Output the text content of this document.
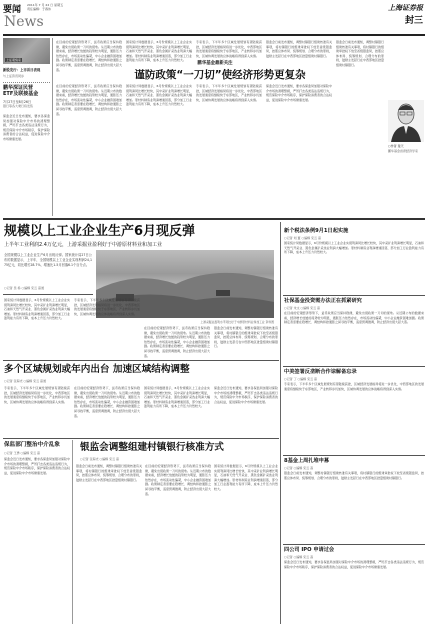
要闻 2011年 7 月 22 日 星期五
责任编辑：于春伟
News
上海证券报
封三
上证观察家
新股发行：上市首日表现
与上证资讯同步
鹏华深证民营
ETF及联接基金
7月27日至8月26日
银行等各大渠行将发售
保监会近日发布通知，要求各保监局加强对保险中介市场的清理整顿，严厉打击各类违法违规行为，规范保险中介市场秩序，保护保险消费者的合法权益，促进保险中介市场健康发展。
鹏华基金最新关注
谨防政策“一刀切”使经济形势更复杂
在目前的宏观经济形势下，货币政策应当保持稳健，避免出现政策一刀切的现象。从近期公布的数据来看，经济增长放缓的趋势较为明显，通胀压力依然存在，市场流动性偏紧，中小企业融资困难加剧。政策制定者需要在稳增长、调结构和控通胀之间寻找平衡，适度预调微调，防止经济出现大起大落。
国家统计局数据显示，6月份规模以上工业企业实现利润同比增长较快，其中采矿业利润增长明显，石油和天然气开采业、黑色金属矿采选业利润大幅增加。原材料制造业利润增速回落，部分加工行业盈利能力有所下降，成本上升压力仍然较大。
专家表示，下半年多个区域发展规划有望陆续获批，区域经济发展格局将进一步优化，中西部地区的发展速度将继续快于东部地区，产业转移步伐加快，区域协调发展的总体战略将得到深入实施。
银监会日前发布通知，调整村镇银行组建核准有关事项，将村镇银行的组建审批权下放至省级银监局，按照总体布局、统筹规划、合理分布的原则，鼓励主发起行在中西部地区批量组建村镇银行。
在目前的宏观经济形势下，货币政策应当保持稳健，避免出现政策一刀切的现象。从近期公布的数据来看，经济增长放缓的趋势较为明显，通胀压力依然存在，市场流动性偏紧，中小企业融资困难加剧。政策制定者需要在稳增长、调结构和控通胀之间寻找平衡，适度预调微调，防止经济出现大起大落。
国家统计局数据显示，6月份规模以上工业企业实现利润同比增长较快，其中采矿业利润增长明显，石油和天然气开采业、黑色金属矿采选业利润大幅增加。原材料制造业利润增速回落，部分加工行业盈利能力有所下降，成本上升压力仍然较大。
专家表示，下半年多个区域发展规划有望陆续获批，区域经济发展格局将进一步优化，中西部地区的发展速度将继续快于东部地区，产业转移步伐加快，区域协调发展的总体战略将得到深入实施。
保监会近日发布通知，要求各保监局加强对保险中介市场的清理整顿，严厉打击各类违法违规行为，规范保险中介市场秩序，保护保险消费者的合法权益，促进保险中介市场健康发展。
银监会日前发布通知，调整村镇银行组建核准有关事项，将村镇银行的组建审批权下放至省级银监局，按照总体布局、统筹规划、合理分布的原则，鼓励主发起行在中西部地区批量组建村镇银行。
○作者 楚天
鹏华基金首席经济学家
规模以上工业企业生产6月现反弹
上半年工业利润2.4万亿元，上游采掘业盈利好于中游原材料业和加工业
全国规模以上工业企业生产6月出现反弹。国家统计局27日公布的数据显示，上半年，全国规模以上工业企业实现利润24,175亿元，同比增长28.7%，增速比1-5月回落6.1个百分点。
○记者 吴 杨 ○编辑 宋云 高道
上游采掘业盈利水平同比好于中游原材料业和加工业 资料图
国家统计局数据显示，6月份规模以上工业企业实现利润同比增长较快，其中采矿业利润增长明显，石油和天然气开采业、黑色金属矿采选业利润大幅增加。原材料制造业利润增速回落，部分加工行业盈利能力有所下降，成本上升压力仍然较大。
专家表示，下半年多个区域发展规划有望陆续获批，区域经济发展格局将进一步优化，中西部地区的发展速度将继续快于东部地区，产业转移步伐加快，区域协调发展的总体战略将得到深入实施。
在目前的宏观经济形势下，货币政策应当保持稳健，避免出现政策一刀切的现象。从近期公布的数据来看，经济增长放缓的趋势较为明显，通胀压力依然存在，市场流动性偏紧，中小企业融资困难加剧。政策制定者需要在稳增长、调结构和控通胀之间寻找平衡，适度预调微调，防止经济出现大起大落。
银监会日前发布通知，调整村镇银行组建核准有关事项，将村镇银行的组建审批权下放至省级银监局，按照总体布局、统筹规划、合理分布的原则，鼓励主发起行在中西部地区批量组建村镇银行。
多个区域规划或年内出台 加速区域结构调整
○记者 张海光 ○编辑 宋云 高道
专家表示，下半年多个区域发展规划有望陆续获批，区域经济发展格局将进一步优化，中西部地区的发展速度将继续快于东部地区，产业转移步伐加快，区域协调发展的总体战略将得到深入实施。
在目前的宏观经济形势下，货币政策应当保持稳健，避免出现政策一刀切的现象。从近期公布的数据来看，经济增长放缓的趋势较为明显，通胀压力依然存在，市场流动性偏紧，中小企业融资困难加剧。政策制定者需要在稳增长、调结构和控通胀之间寻找平衡，适度预调微调，防止经济出现大起大落。
国家统计局数据显示，6月份规模以上工业企业实现利润同比增长较快，其中采矿业利润增长明显，石油和天然气开采业、黑色金属矿采选业利润大幅增加。原材料制造业利润增速回落，部分加工行业盈利能力有所下降，成本上升压力仍然较大。
保监会近日发布通知，要求各保监局加强对保险中介市场的清理整顿，严厉打击各类违法违规行为，规范保险中介市场秩序，保护保险消费者的合法权益，促进保险中介市场健康发展。
保监部门整治中介乱象
○记者 王勇 ○编辑 宋云 高
保监会近日发布通知，要求各保监局加强对保险中介市场的清理整顿，严厉打击各类违法违规行为，规范保险中介市场秩序，保护保险消费者的合法权益，促进保险中介市场健康发展。
银监会调整组建村镇银行核准方式
○记者 张海光 ○编辑 宋云 高
银监会日前发布通知，调整村镇银行组建核准有关事项，将村镇银行的组建审批权下放至省级银监局，按照总体布局、统筹规划、合理分布的原则，鼓励主发起行在中西部地区批量组建村镇银行。
在目前的宏观经济形势下，货币政策应当保持稳健，避免出现政策一刀切的现象。从近期公布的数据来看，经济增长放缓的趋势较为明显，通胀压力依然存在，市场流动性偏紧，中小企业融资困难加剧。政策制定者需要在稳增长、调结构和控通胀之间寻找平衡，适度预调微调，防止经济出现大起大落。
国家统计局数据显示，6月份规模以上工业企业实现利润同比增长较快，其中采矿业利润增长明显，石油和天然气开采业、黑色金属矿采选业利润大幅增加。原材料制造业利润增速回落，部分加工行业盈利能力有所下降，成本上升压力仍然较大。
新个税法条例9月1日起实施
○记者 刘 董 ○编辑 宋云 高
国家统计局数据显示，6月份规模以上工业企业实现利润同比增长较快，其中采矿业利润增长明显，石油和天然气开采业、黑色金属矿采选业利润大幅增加。原材料制造业利润增速回落，部分加工行业盈利能力有所下降，成本上升压力仍然较大。
社保基金投资需办法正在抓紧研究
○记者 朱文 ○编辑 宋云 高
在目前的宏观经济形势下，货币政策应当保持稳健，避免出现政策一刀切的现象。从近期公布的数据来看，经济增长放缓的趋势较为明显，通胀压力依然存在，市场流动性偏紧，中小企业融资困难加剧。政策制定者需要在稳增长、调结构和控通胀之间寻找平衡，适度预调微调，防止经济出现大起大落。
中美签署反垄断合作谅解备忘录
○记者 丁 ○编辑 宋云 高
专家表示，下半年多个区域发展规划有望陆续获批，区域经济发展格局将进一步优化，中西部地区的发展速度将继续快于东部地区，产业转移步伐加快，区域协调发展的总体战略将得到深入实施。
8基金上周扎堆申募
○记者 ○编辑 宋云 高
银监会日前发布通知，调整村镇银行组建核准有关事项，将村镇银行的组建审批权下放至省级银监局，按照总体布局、统筹规划、合理分布的原则，鼓励主发起行在中西部地区批量组建村镇银行。
四公司 IPO 申请过会
○记者 ○编辑 宋云 高
保监会近日发布通知，要求各保监局加强对保险中介市场的清理整顿，严厉打击各类违法违规行为，规范保险中介市场秩序，保护保险消费者的合法权益，促进保险中介市场健康发展。
